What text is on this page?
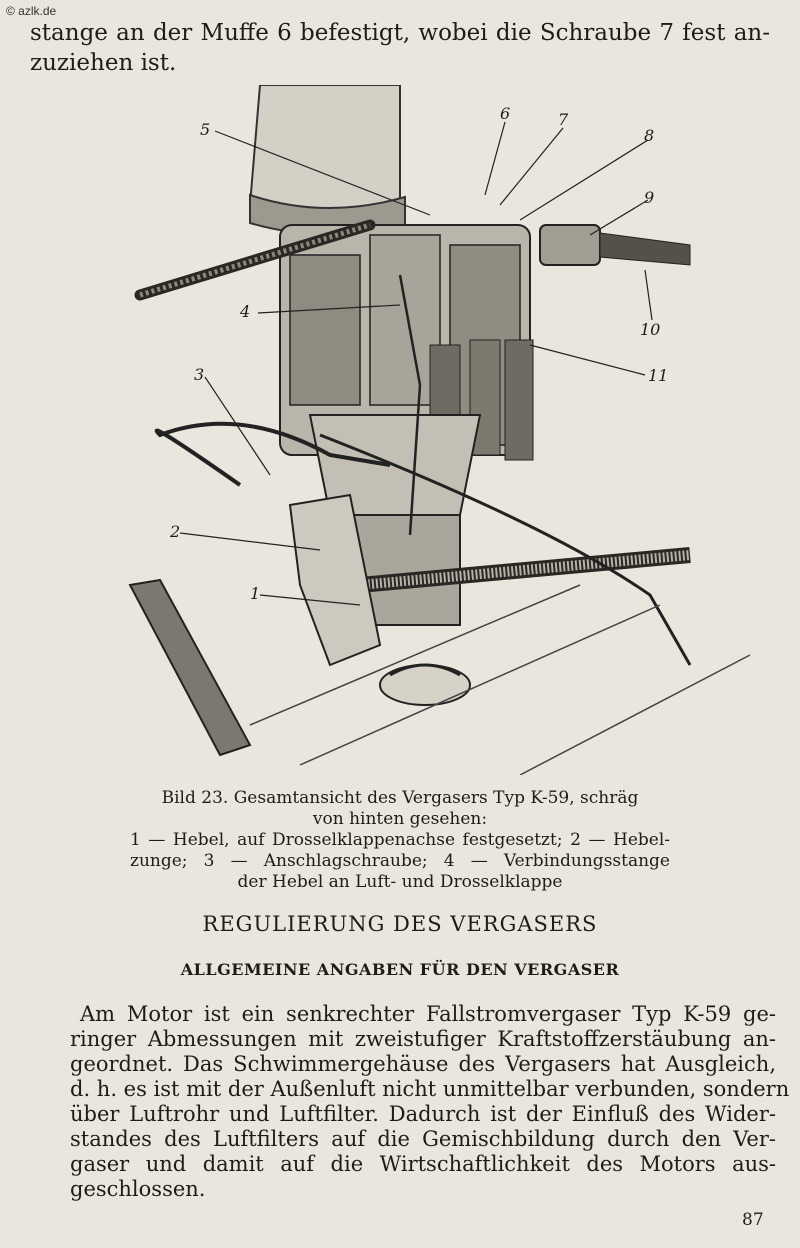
© azlk.de
stange an der Muffe 6 befestigt, wobei die Schraube 7 fest an-
zuziehen ist.
5
6	7
8
9
10
4
11
3
2
1
Bild 23. Gesamtansicht des Vergasers Typ K-59, schräg
von hinten gesehen:
1 — Hebel, auf Drosselklappenachse festgesetzt; 2 — Hebel-
zunge; 3 — Anschlagschraube; 4 — Verbindungsstange
der Hebel an Luft- und Drosselklappe
REGULIERUNG DES VERGASERS
ALLGEMEINE ANGABEN FÜR DEN VERGASER
Am Motor ist ein senkrechter Fallstromvergaser Typ K-59 ge-
ringer Abmessungen mit zweistufiger Kraftstoffzerstäubung an-
geordnet. Das Schwimmergehäuse des Vergasers hat Ausgleich,
d. h. es ist mit der Außenluft nicht unmittelbar verbunden, sondern
über Luftrohr und Luftfilter. Dadurch ist der Einfluß des Wider-
standes des Luftfilters auf die Gemischbildung durch den Ver-
gaser und damit auf die Wirtschaftlichkeit des Motors aus-
geschlossen.
87
